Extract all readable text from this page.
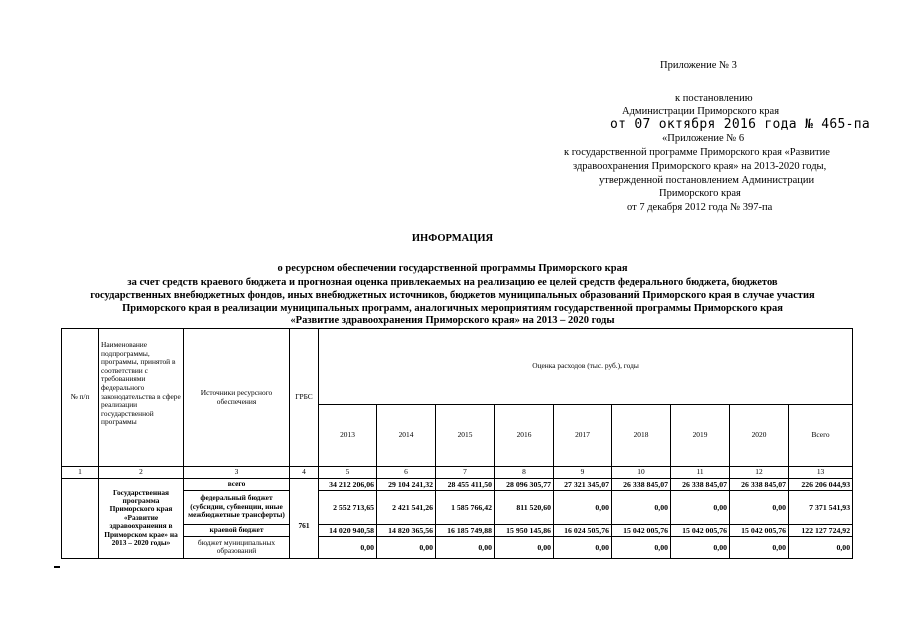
Приложение № 3
к постановлению
Администрации Приморского края
от 07 октября 2016 года № 465-па
«Приложение № 6
к государственной программе Приморского края «Развитие
здравоохранения Приморского края» на 2013-2020 годы,
утвержденной постановлением Администрации
Приморского края
от 7 декабря 2012 года № 397-па
ИНФОРМАЦИЯ
о ресурсном обеспечении государственной программы Приморского края
за счет средств краевого бюджета и прогнозная оценка привлекаемых на реализацию ее целей средств федерального бюджета, бюджетов
государственных внебюджетных фондов, иных внебюджетных источников, бюджетов муниципальных образований Приморского края в случае участия
Приморского края в реализации муниципальных программ, аналогичных мероприятиям государственной программы Приморского края
«Развитие здравоохранения Приморского края» на 2013 – 2020 годы
№ п/п	Наименование подпрограммы, программы, принятой в соответствии с требованиями федерального законодательства в сфере реализации государственной программы	Источники ресурсного обеспечения	ГРБС	Оценка расходов (тыс. руб.), годы								
				2013	2014	2015	2016	2017	2018	2019	2020	Всего
1	2	3	4	5	6	7	8	9	10	11	12	13
	Государственная программа Приморского края «Развитие здравоохранения в Приморском крае» на 2013 – 2020 годы»	всего	761	34 212 206,06	29 104 241,32	28 455 411,50	28 096 305,77	27 321 345,07	26 338 845,07	26 338 845,07	26 338 845,07	226 206 044,93
		федеральный бюджет (субсидии, субвенции, иные межбюджетные трансферты)		2 552 713,65	2 421 541,26	1 585 766,42	811 520,60	0,00	0,00	0,00	0,00	7 371 541,93
		краевой бюджет		14 020 940,58	14 820 365,56	16 185 749,88	15 950 145,86	16 024 505,76	15 042 005,76	15 042 005,76	15 042 005,76	122 127 724,92
		бюджет муниципальных образований		0,00	0,00	0,00	0,00	0,00	0,00	0,00	0,00	0,00
